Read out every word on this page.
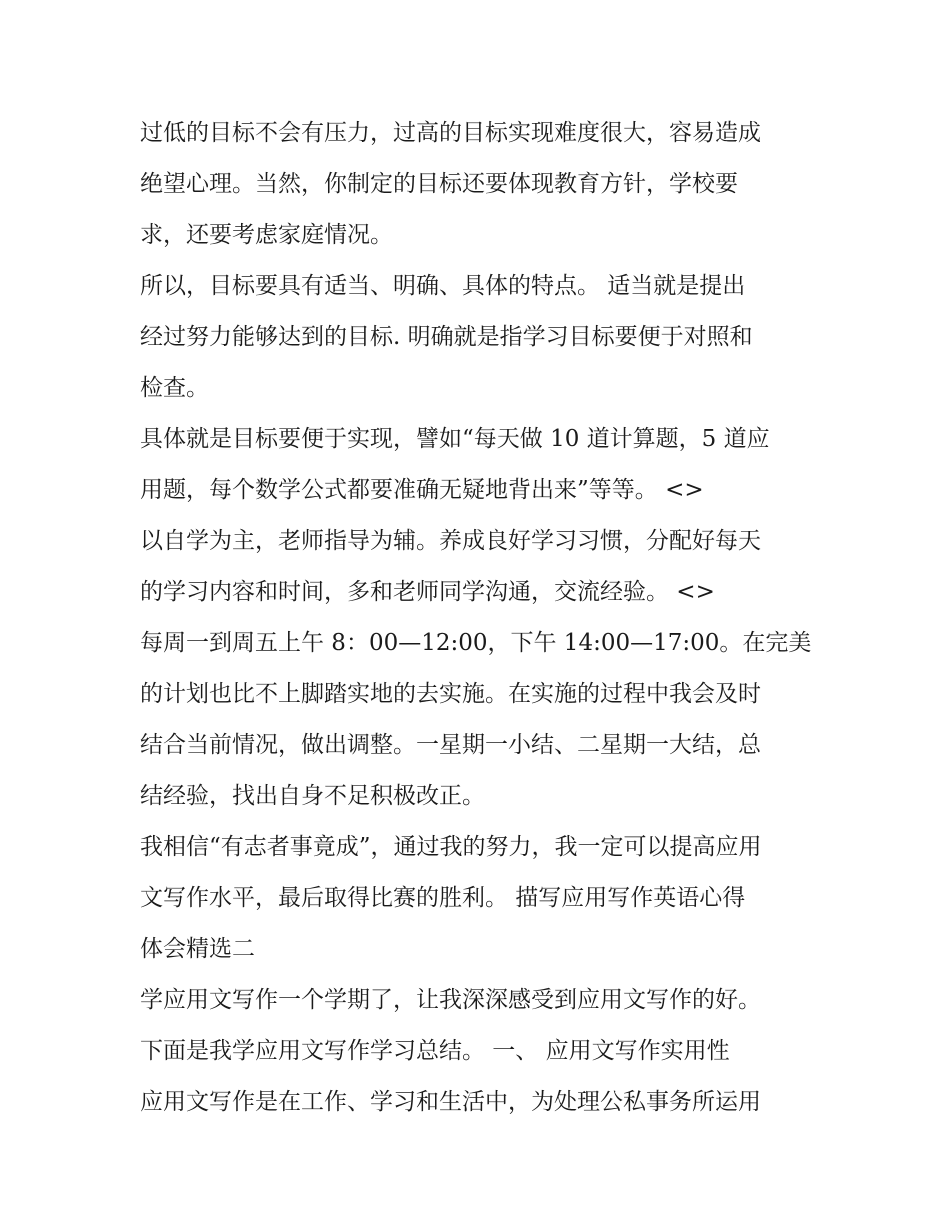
过低的目标不会有压力，过高的目标实现难度很大，容易造成
绝望心理。当然，你制定的目标还要体现教育方针，学校要
求，还要考虑家庭情况。
所以，目标要具有适当、明确、具体的特点。 适当就是提出
经过努力能够达到的目标. 明确就是指学习目标要便于对照和
检查。
具体就是目标要便于实现，譬如“每天做 10 道计算题，5 道应
用题，每个数学公式都要准确无疑地背出来”等等。 <>
以自学为主，老师指导为辅。养成良好学习习惯，分配好每天
的学习内容和时间，多和老师同学沟通，交流经验。 <>
每周一到周五上午 8：00—12:00，下午 14:00—17:00。在完美
的计划也比不上脚踏实地的去实施。在实施的过程中我会及时
结合当前情况，做出调整。一星期一小结、二星期一大结，总
结经验，找出自身不足积极改正。
我相信“有志者事竟成”，通过我的努力，我一定可以提高应用
文写作水平，最后取得比赛的胜利。 描写应用写作英语心得
体会精选二
学应用文写作一个学期了，让我深深感受到应用文写作的好。
下面是我学应用文写作学习总结。 一、 应用文写作实用性
应用文写作是在工作、学习和生活中，为处理公私事务所运用
